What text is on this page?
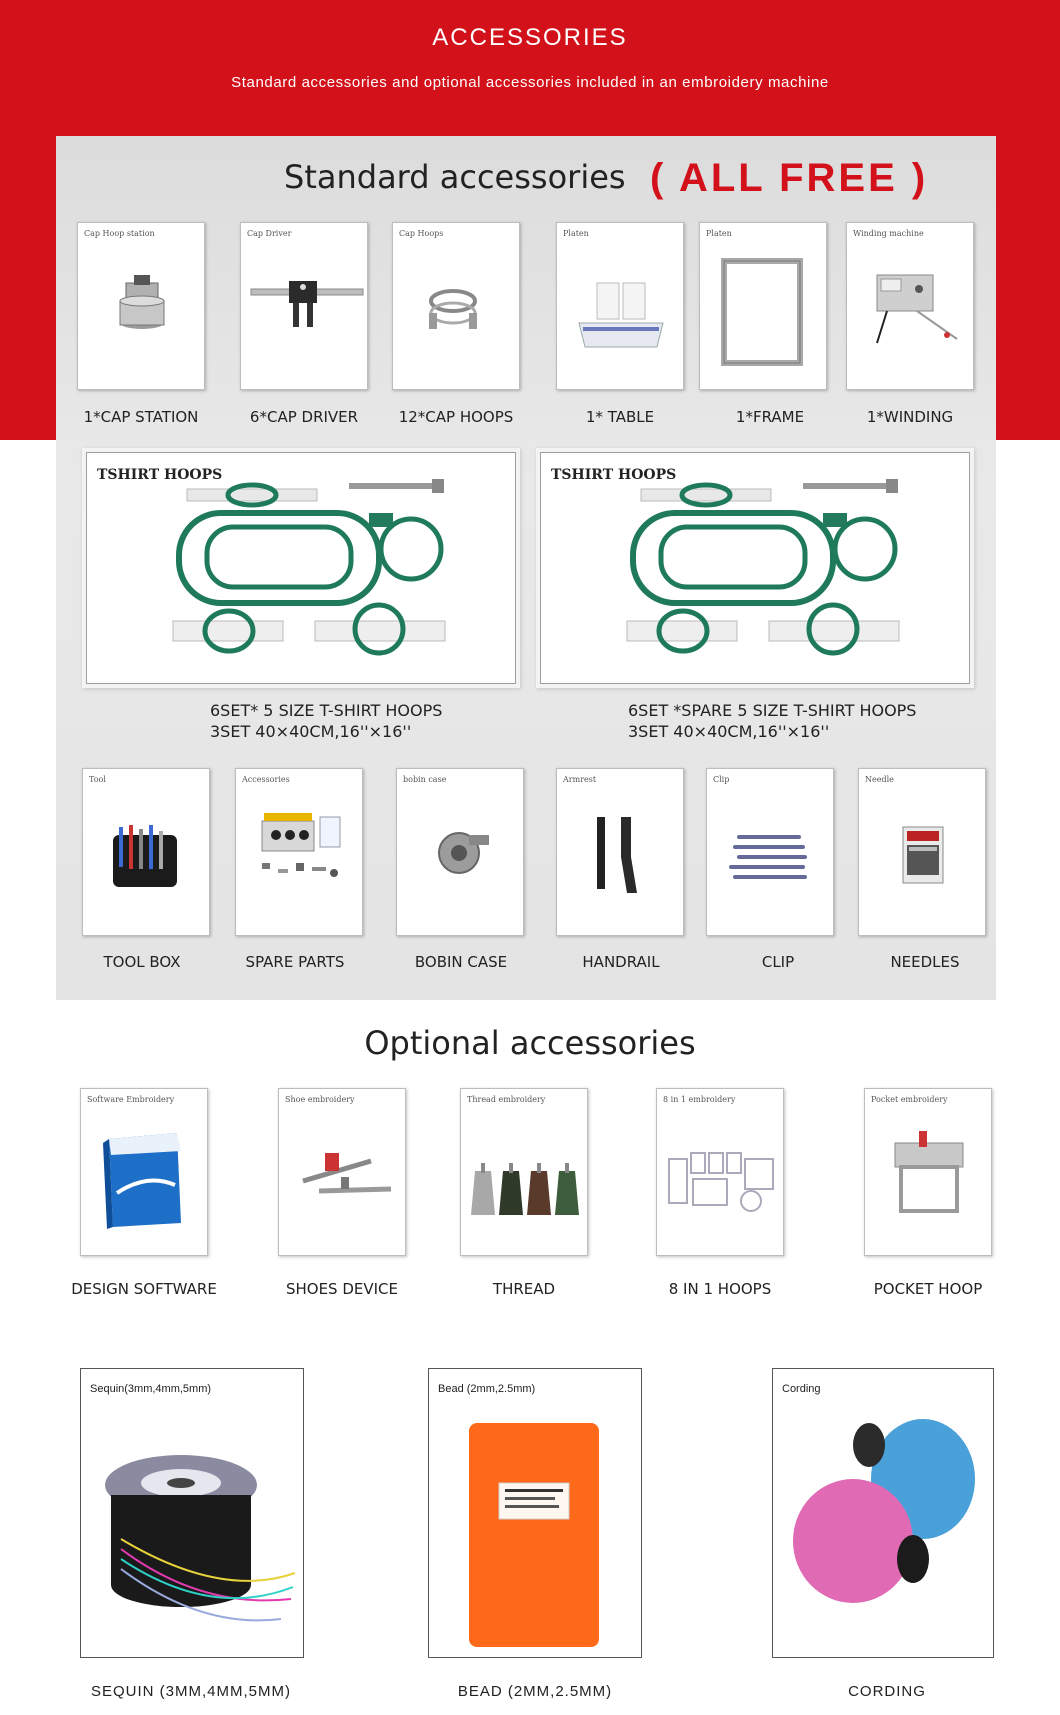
ACCESSORIES
Standard accessories and optional accessories included in an embroidery machine
Standard accessories ( ALL FREE )
Cap Hoop station
1*CAP STATION
Cap Driver
6*CAP DRIVER
Cap Hoops
12*CAP HOOPS
Platen
1* TABLE
Platen
1*FRAME
Winding machine
1*WINDING
TSHIRT HOOPS
6SET* 5 SIZE T-SHIRT HOOPS
3SET 40×40CM,16''×16''
TSHIRT HOOPS
6SET *SPARE 5 SIZE T-SHIRT HOOPS
3SET 40×40CM,16''×16''
Tool
TOOL BOX
Accessories
SPARE PARTS
bobin case
BOBIN CASE
Armrest
HANDRAIL
Clip
CLIP
Needle
NEEDLES
Optional accessories
Software Embroidery
DESIGN SOFTWARE
Shoe embroidery
SHOES DEVICE
Thread embroidery
THREAD
8 in 1 embroidery
8 IN 1 HOOPS
Pocket embroidery
POCKET HOOP
Sequin(3mm,4mm,5mm)
SEQUIN (3MM,4MM,5MM)
Bead (2mm,2.5mm)
BEAD (2MM,2.5MM)
Cording
CORDING
